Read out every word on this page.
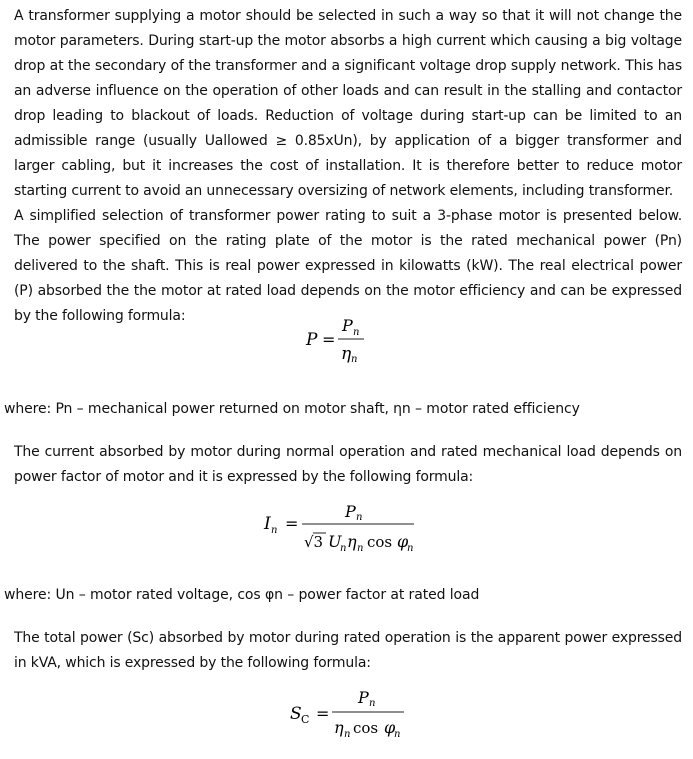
A transformer supplying a motor should be selected in such a way so that it will not change the motor parameters. During start-up the motor absorbs a high current which causing a big voltage drop at the secondary of the transformer and a significant voltage drop supply network. This has an adverse influence on the operation of other loads and can result in the stalling and contactor drop leading to blackout of loads. Reduction of voltage during start-up can be limited to an admissible range (usually Uallowed ≥ 0.85xUn), by application of a bigger transformer and larger cabling, but it increases the cost of installation. It is therefore better to reduce motor starting current to avoid an unnecessary oversizing of network elements, including transformer.

A simplified selection of transformer power rating to suit a 3-phase motor is presented below. The power specified on the rating plate of the motor is the rated mechanical power (Pn) delivered to the shaft. This is real power expressed in kilowatts (kW). The real electrical power (P) absorbed the the motor at rated load depends on the motor efficiency and can be expressed by the following formula:

P =
P n
η n

where: Pn – mechanical power returned on motor shaft, ηn – motor rated efficiency

The current absorbed by motor during normal operation and rated mechanical load depends on power factor of motor and it is expressed by the following formula:

I n =
P n
√3 U
n η n cos φ
n

where: Un – motor rated voltage, cos φn – power factor at rated load

The total power (Sc) absorbed by motor during rated operation is the apparent power expressed in kVA, which is expressed by the following formula:

S C =
P n
η n cos φ
n
